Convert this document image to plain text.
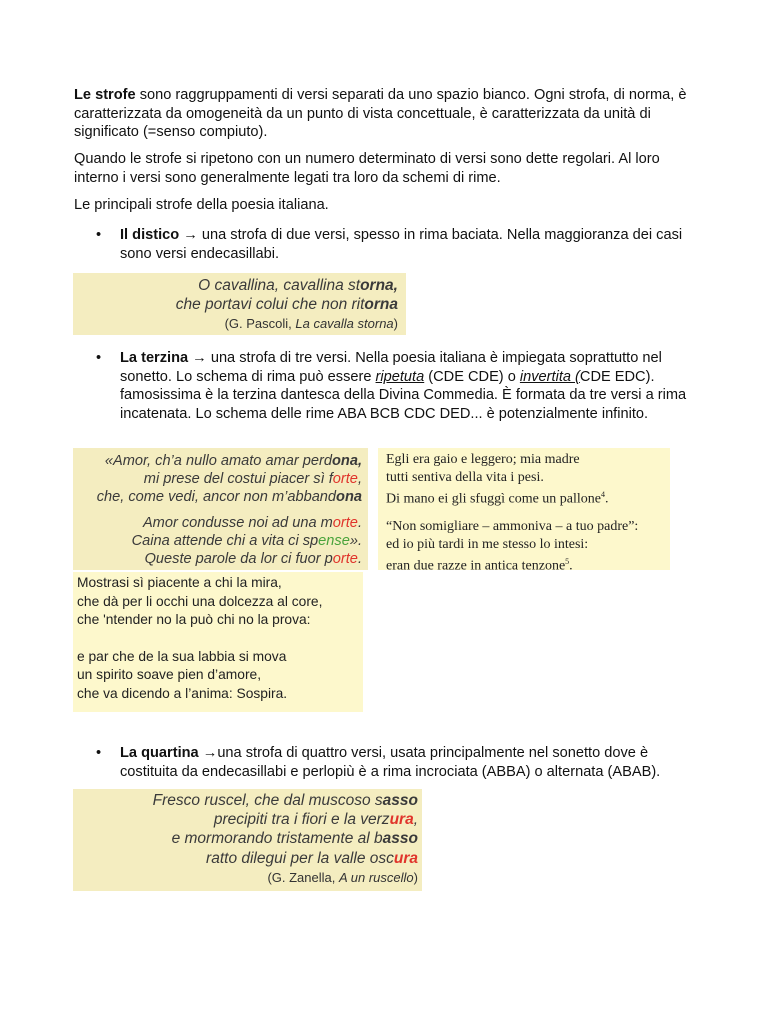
Le strofe sono raggruppamenti di versi separati da uno spazio bianco. Ogni strofa, di norma, è caratterizzata da omogeneità da un punto di vista concettuale, è caratterizzata da unità di significato (=senso compiuto).

Quando le strofe si ripetono con un numero determinato di versi sono dette regolari. Al loro interno i versi sono generalmente legati tra loro da schemi di rime.

Le principali strofe della poesia italiana.

• Il distico → una strofa di due versi, spesso in rima baciata. Nella maggioranza dei casi sono versi endecasillabi.

O cavallina, cavallina storna,
che portavi colui che non ritorna
(G. Pascoli, La cavalla storna)
• La terzina → una strofa di tre versi. Nella poesia italiana è impiegata soprattutto nel sonetto. Lo schema di rima può essere ripetuta (CDE CDE) o invertita (CDE EDC). famosissima è la terzina dantesca della Divina Commedia. È formata da tre versi a rima incatenata. Lo schema delle rime ABA BCB CDC DED... è potenzialmente infinito.

«Amor, ch’a nullo amato amar perdona,
mi prese del costui piacer sì forte,
che, come vedi, ancor non m’abbandona
Amor condusse noi ad una morte.
Caina attende chi a vita ci spense».
Queste parole da lor ci fuor porte.
Egli era gaio e leggero; mia madre
tutti sentiva della vita i pesi.
Di mano ei gli sfuggì come un pallone$^4$.
“Non somigliare – ammoniva – a tuo padre”:
ed io più tardi in me stesso lo intesi:
eran due razze in antica tenzone$^5$.
Mostrasi sì piacente a chi la mira,
che dà per li occhi una dolcezza al core,
che 'ntender no la può chi no la prova:
e par che de la sua labbia si mova
un spirito soave pien d’amore,
che va dicendo a l’anima: Sospira.
• La quartina →una strofa di quattro versi, usata principalmente nel sonetto dove è costituita da endecasillabi e perlopiù è a rima incrociata (ABBA) o alternata (ABAB).

Fresco ruscel, che dal muscoso sasso
precipiti tra i fiori e la verzura,
e mormorando tristamente al basso
ratto dilegui per la valle oscura
(G. Zanella, A un ruscello)
